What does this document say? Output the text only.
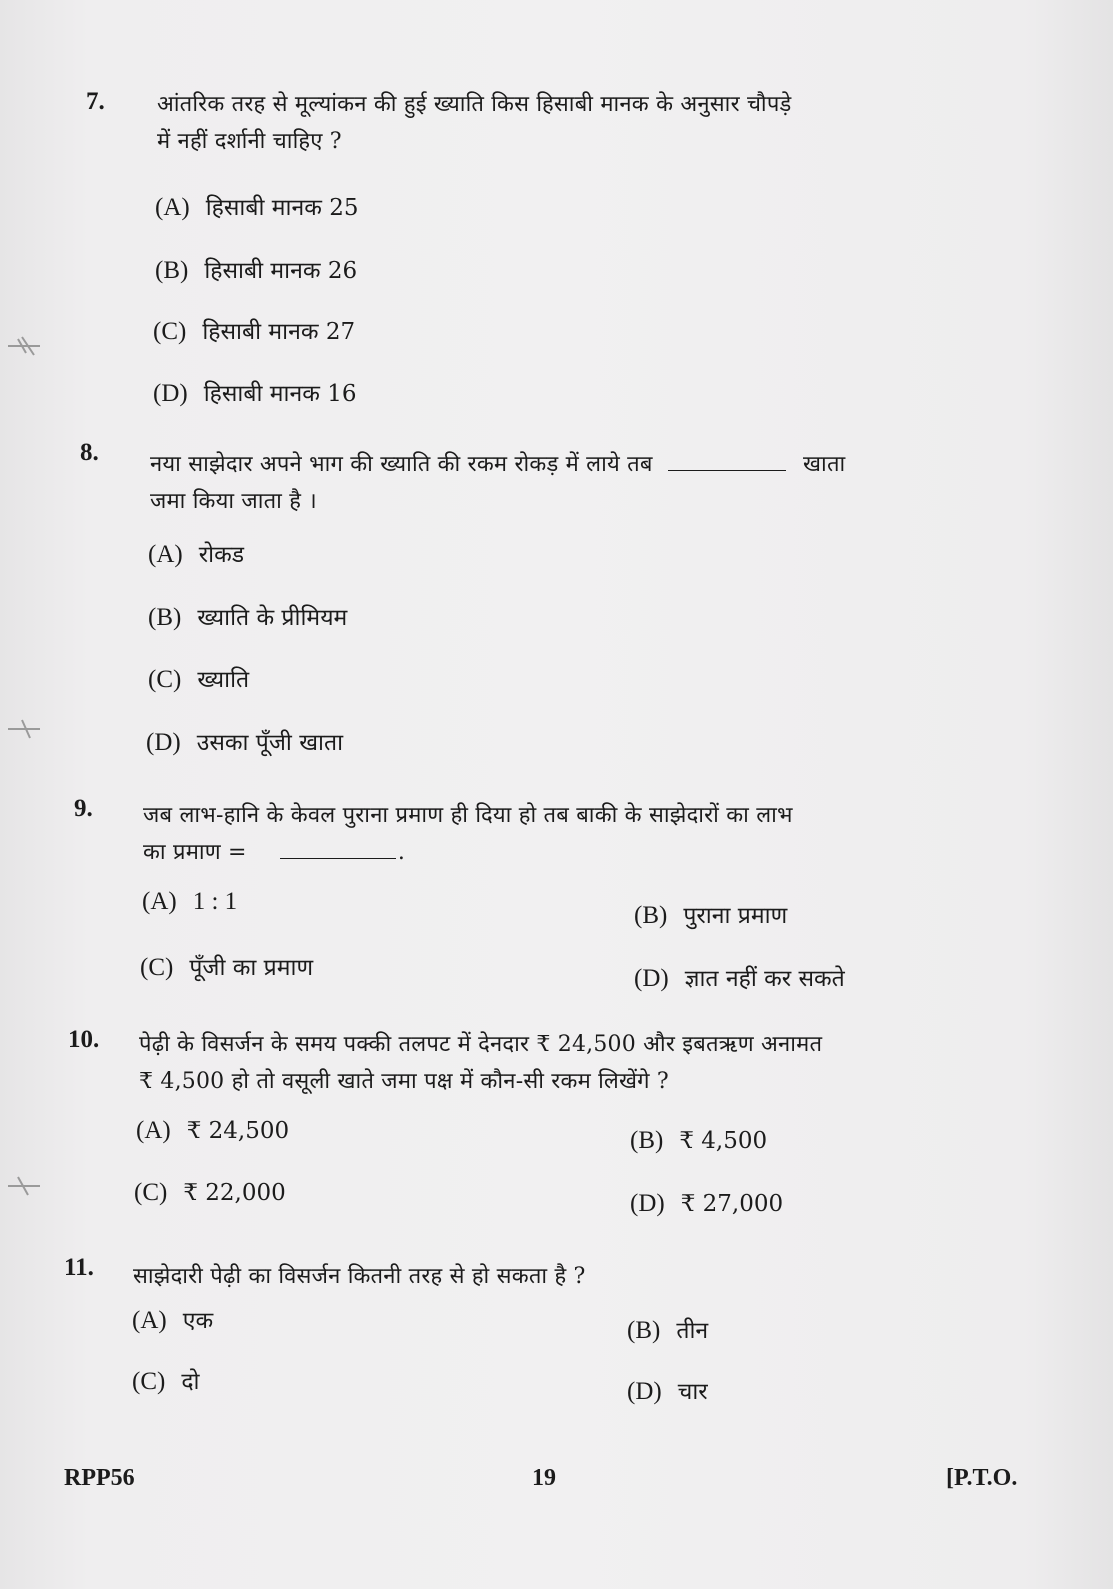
7. आंतरिक तरह से मूल्यांकन की हुई ख्याति किस हिसाबी मानक के अनुसार चौपड़े
में नहीं दर्शानी चाहिए ?
(A) हिसाबी मानक 25
(B) हिसाबी मानक 26
(C) हिसाबी मानक 27
(D) हिसाबी मानक 16
8. नया साझेदार अपने भाग की ख्याति की रकम रोकड़ में लाये तब	खाता
जमा किया जाता है ।
(A) रोकड
(B) ख्याति के प्रीमियम
(C) ख्याति
(D) उसका पूँजी खाता
9. जब लाभ-हानि के केवल पुराना प्रमाण ही दिया हो तब बाकी के साझेदारों का लाभ
का प्रमाण =	.
(A) 1 : 1
(B) पुराना प्रमाण
(C) पूँजी का प्रमाण	(D) ज्ञात नहीं कर सकते
10. पेढ़ी के विसर्जन के समय पक्की तलपट में देनदार ₹ 24,500 और इबतऋण अनामत
₹ 4,500 हो तो वसूली खाते जमा पक्ष में कौन-सी रकम लिखेंगे ?
(A) ₹ 24,500	(B) ₹ 4,500
(C) ₹ 22,000	(D) ₹ 27,000
11. साझेदारी पेढ़ी का विसर्जन कितनी तरह से हो सकता है ?
(A) एक	(B) तीन
(C) दो	(D) चार
RPP56	19	[P.T.O.
